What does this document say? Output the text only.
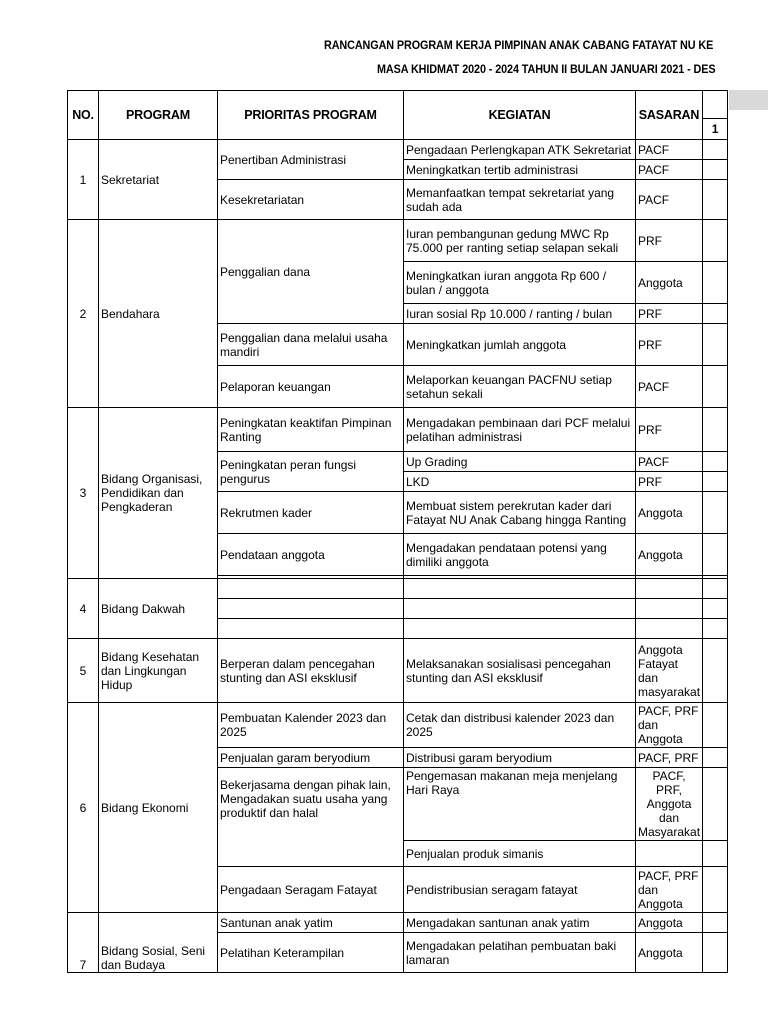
RANCANGAN PROGRAM KERJA PIMPINAN ANAK CABANG FATAYAT NU KE
MASA KHIDMAT 2020 - 2024 TAHUN II BULAN JANUARI 2021 - DES
NO.	PROGRAM	PRIORITAS PROGRAM	KEGIATAN	SASARAN	1

1	Sekretariat	Penertiban Administrasi	Pengadaan Perlengkapan ATK Sekretariat	PACF	
			Meningkatkan tertib administrasi	PACF	
		Kesekretariatan	Memanfaatkan tempat sekretariat yang sudah ada	PACF	
2	Bendahara	Penggalian dana	Iuran pembangunan gedung MWC Rp 75.000 per ranting setiap selapan sekali	PRF	
			Meningkatkan iuran anggota Rp 600 / bulan / anggota	Anggota	
			Iuran sosial Rp 10.000 / ranting / bulan	PRF	
		Penggalian dana melalui usaha mandiri	Meningkatkan jumlah anggota	PRF	
		Pelaporan keuangan	Melaporkan keuangan PACFNU setiap setahun sekali	PACF	
3	Bidang Organisasi, Pendidikan dan Pengkaderan	Peningkatan keaktifan Pimpinan Ranting	Mengadakan pembinaan dari PCF melalui pelatihan administrasi	PRF	
		Peningkatan peran fungsi pengurus	Up Grading	PACF	
			LKD	PRF	
		Rekrutmen kader	Membuat sistem perekrutan kader dari Fatayat NU Anak Cabang hingga Ranting	Anggota	
		Pendataan anggota	Mengadakan pendataan potensi yang dimiliki anggota	Anggota	

4	Bidang Dakwah				

5	Bidang Kesehatan dan Lingkungan Hidup	Berperan dalam pencegahan stunting dan ASI eksklusif	Melaksanakan sosialisasi pencegahan stunting dan ASI eksklusif	Anggota Fatayat dan masyarakat	
6	Bidang Ekonomi	Pembuatan Kalender 2023 dan 2025	Cetak dan distribusi kalender 2023 dan 2025	PACF, PRF dan Anggota	
		Penjualan garam beryodium	Distribusi garam beryodium	PACF, PRF	
		Bekerjasama dengan pihak lain, Mengadakan suatu usaha yang produktif dan halal	Pengemasan makanan meja menjelang Hari Raya	PACF, PRF, Anggota dan Masyarakat	
			Penjualan produk simanis		
		Pengadaan Seragam Fatayat	Pendistribusian seragam fatayat	PACF, PRF dan Anggota	
7	Bidang Sosial, Seni dan Budaya	Santunan anak yatim	Mengadakan santunan anak yatim	Anggota	
		Pelatihan Keterampilan	Mengadakan pelatihan pembuatan baki lamaran	Anggota	
